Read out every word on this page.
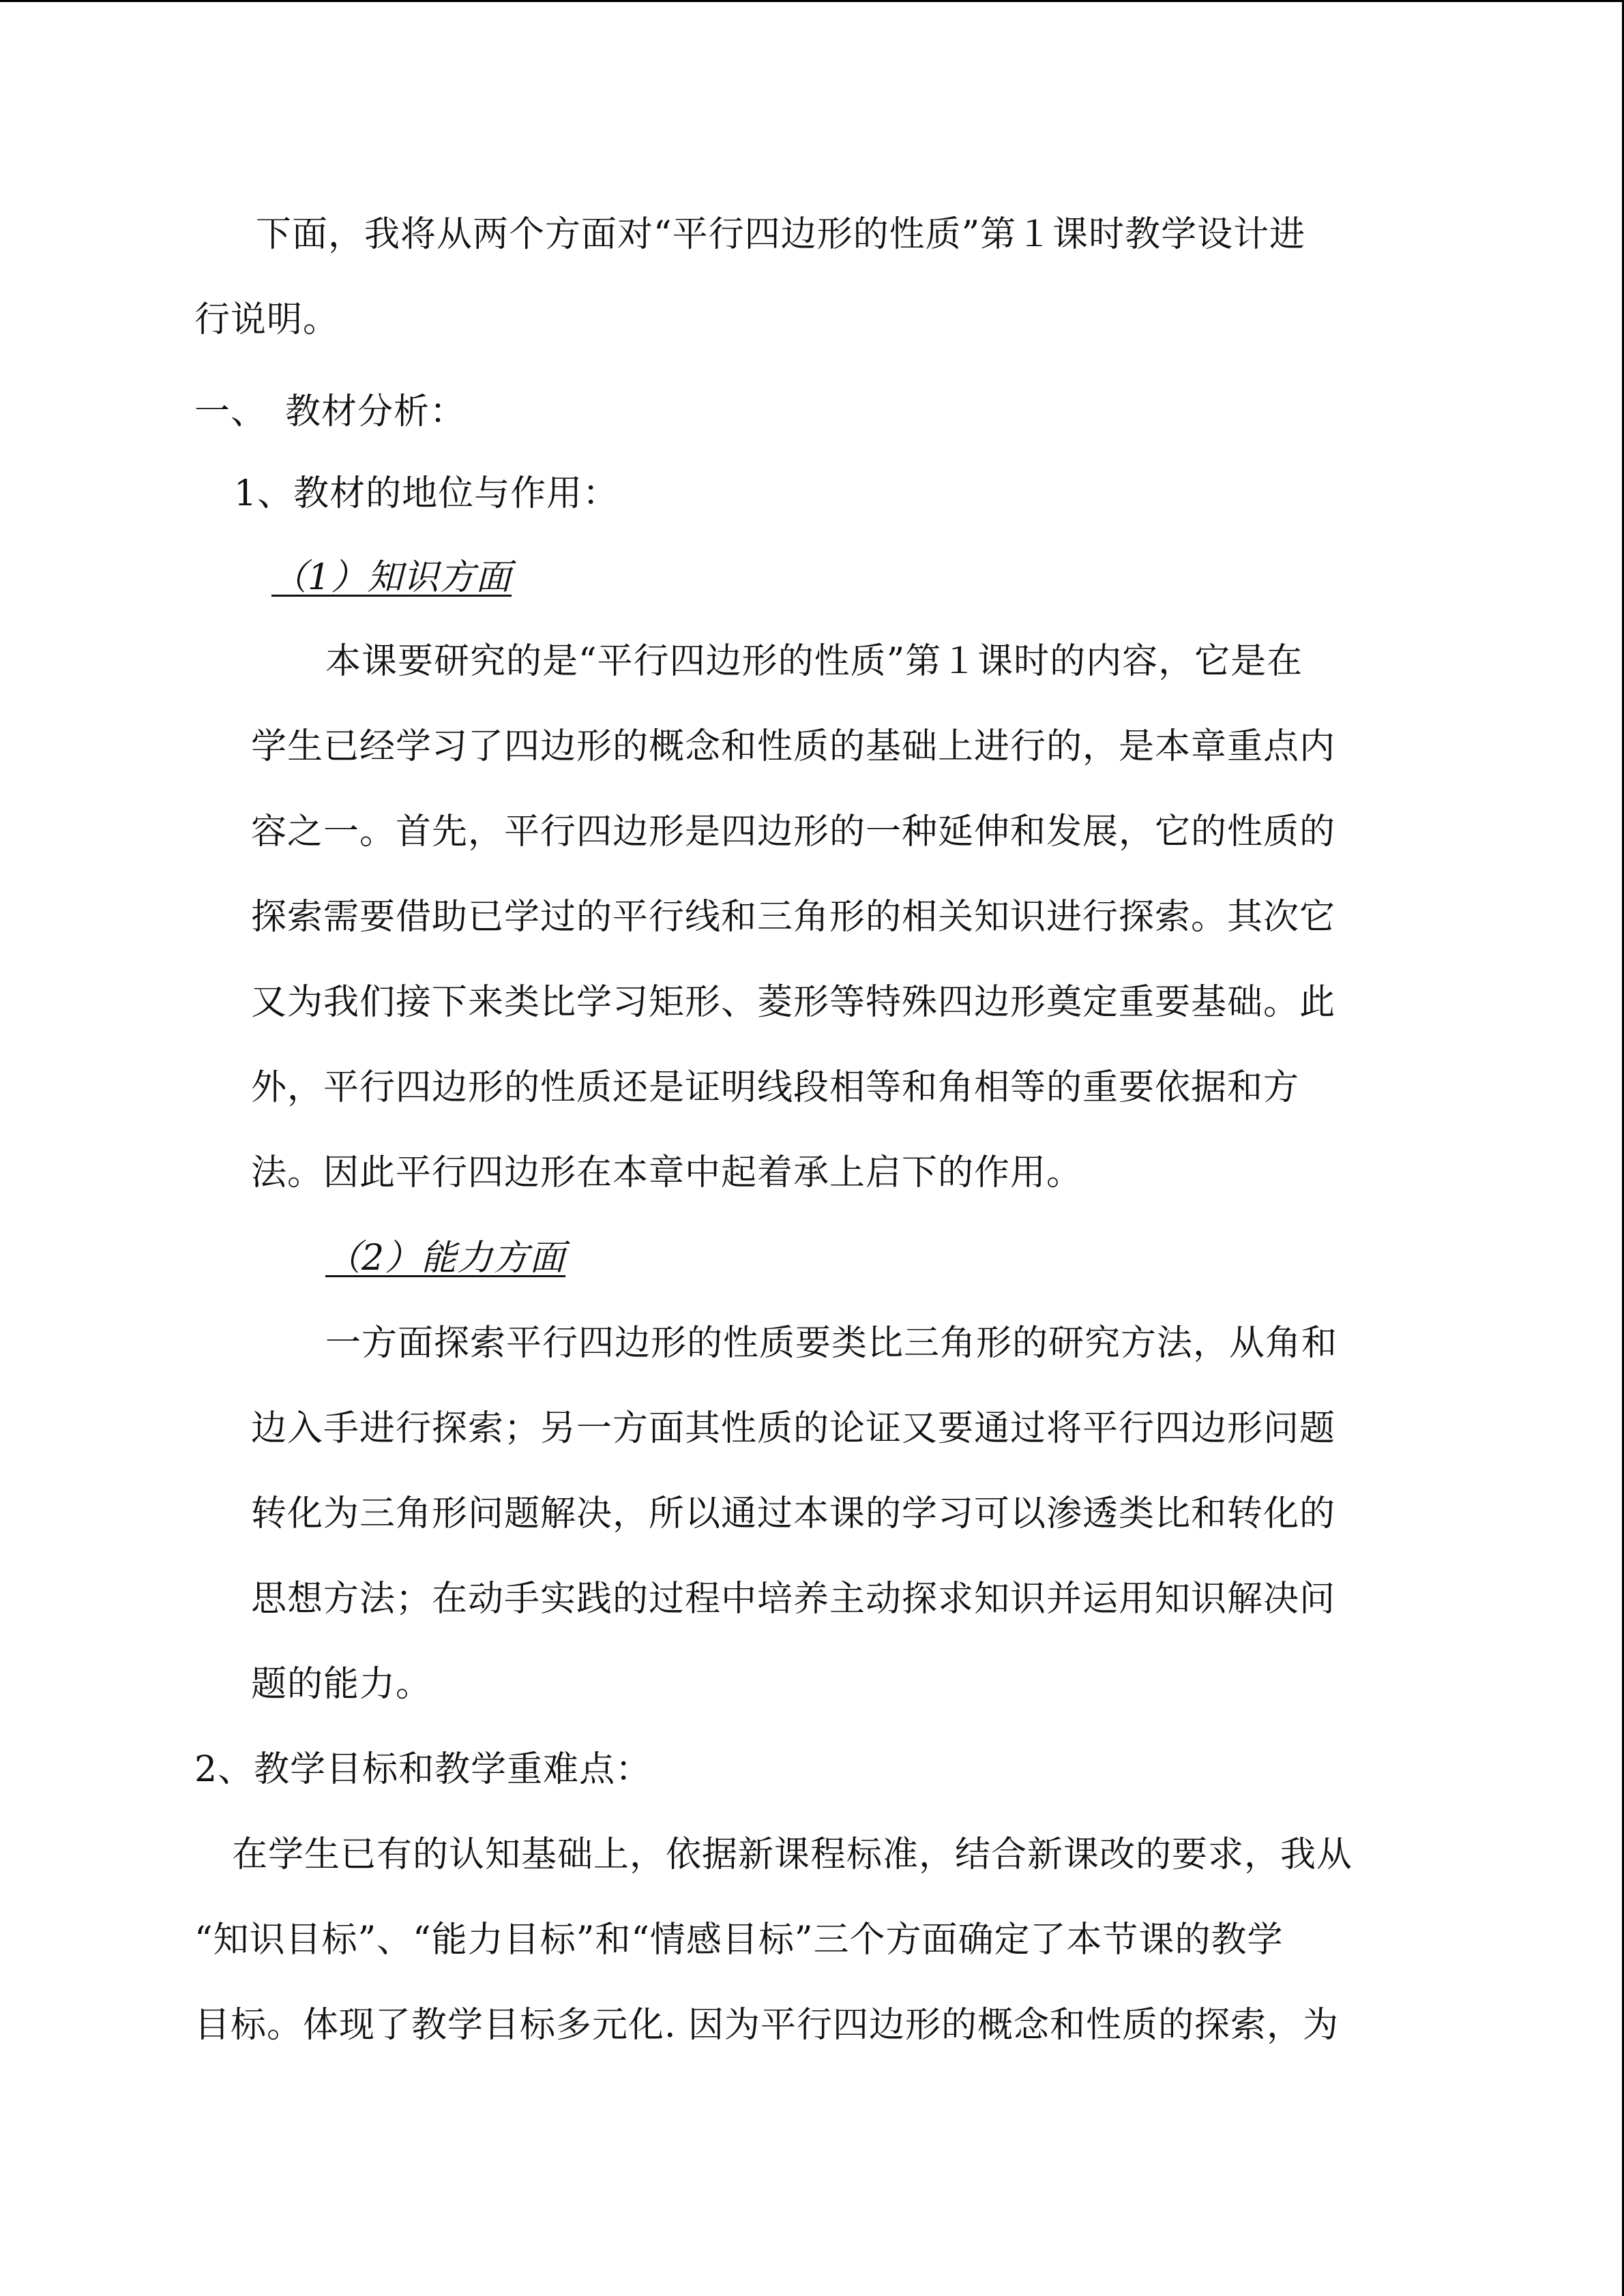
下面，我将从两个方面对“平行四边形的性质”第１课时教学设计进
行说明。
一、　教材分析：
1、教材的地位与作用：
（1）知识方面
本课要研究的是“平行四边形的性质”第１课时的内容，它是在
学生已经学习了四边形的概念和性质的基础上进行的，是本章重点内
容之一。首先，平行四边形是四边形的一种延伸和发展，它的性质的
探索需要借助已学过的平行线和三角形的相关知识进行探索。其次它
又为我们接下来类比学习矩形、菱形等特殊四边形奠定重要基础。此
外，平行四边形的性质还是证明线段相等和角相等的重要依据和方
法。因此平行四边形在本章中起着承上启下的作用。
（2）能力方面
一方面探索平行四边形的性质要类比三角形的研究方法，从角和
边入手进行探索；另一方面其性质的论证又要通过将平行四边形问题
转化为三角形问题解决，所以通过本课的学习可以渗透类比和转化的
思想方法；在动手实践的过程中培养主动探求知识并运用知识解决问
题的能力。
2、教学目标和教学重难点：
在学生已有的认知基础上，依据新课程标准，结合新课改的要求，我从
“知识目标”、“能力目标”和“情感目标”三个方面确定了本节课的教学
目标。体现了教学目标多元化. 因为平行四边形的概念和性质的探索，为
